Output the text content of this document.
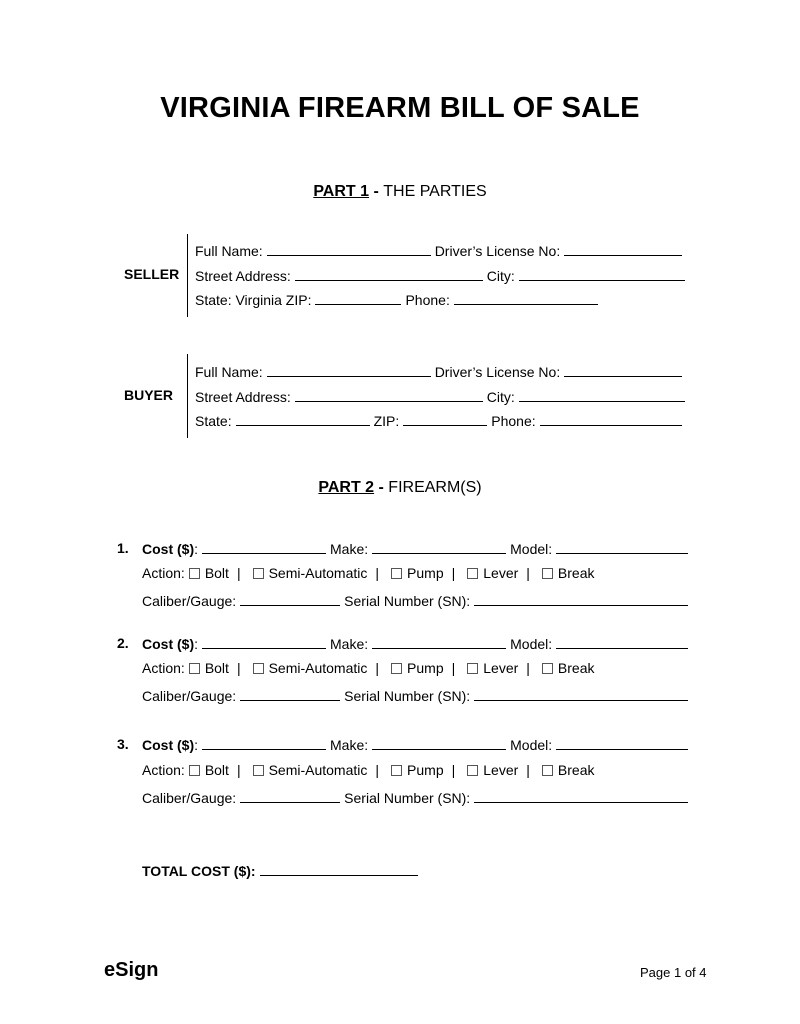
VIRGINIA FIREARM BILL OF SALE
PART 1 - THE PARTIES
SELLER
Full Name:	Driver’s License No:
Street Address:	City:
State: Virginia ZIP:	Phone:
BUYER
Full Name:	Driver’s License No:
Street Address:	City:
State:	ZIP:	Phone:
PART 2 - FIREARM(S)
1. Cost ($):	Make:	Model:
Action: Bolt | Semi-Automatic | Pump | Lever | Break
Caliber/Gauge:	Serial Number (SN):
2. Cost ($):	Make:	Model:
Action: Bolt | Semi-Automatic | Pump | Lever | Break
Caliber/Gauge:	Serial Number (SN):
3. Cost ($):	Make:	Model:
Action: Bolt | Semi-Automatic | Pump | Lever | Break
Caliber/Gauge:	Serial Number (SN):
TOTAL COST ($):
eSign	Page 1 of 4
